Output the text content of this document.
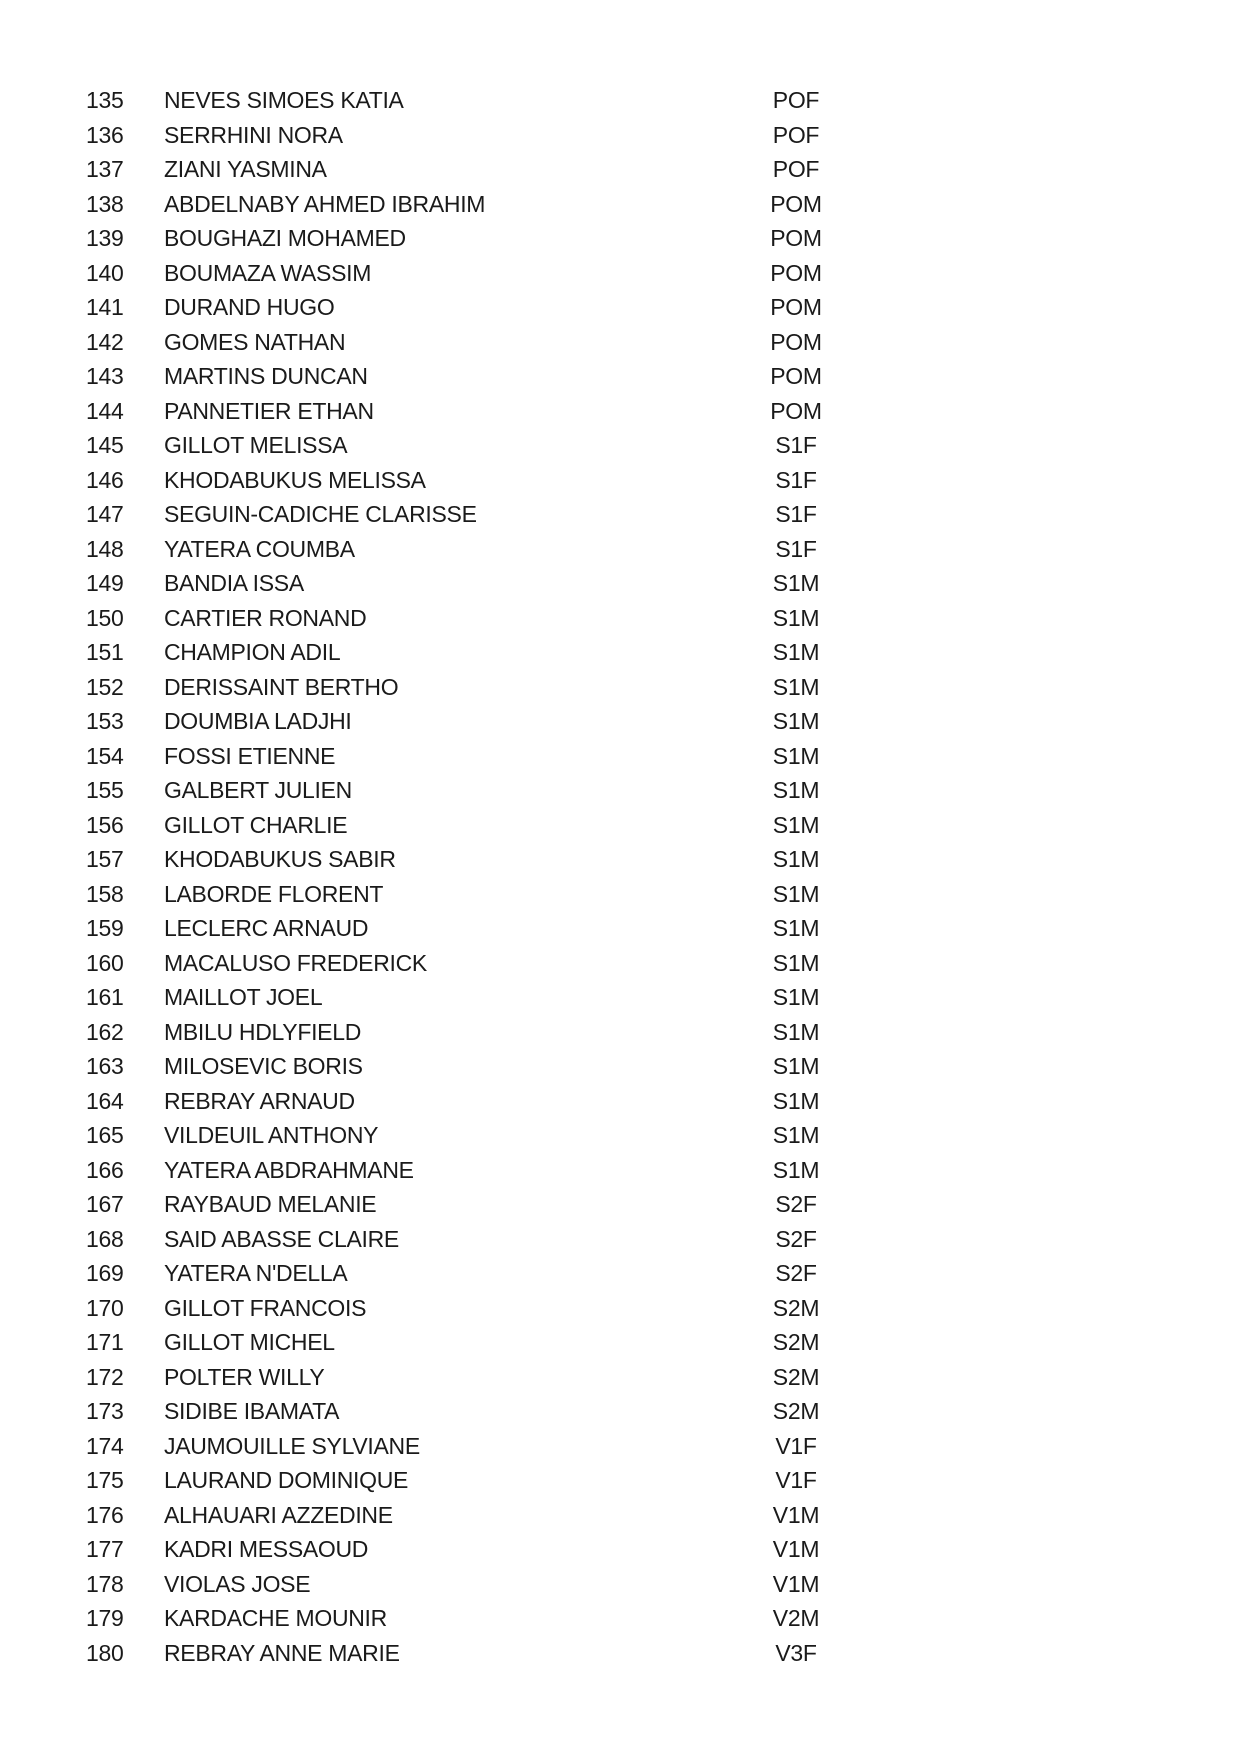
135	NEVES SIMOES KATIA	POF
136	SERRHINI NORA	POF
137	ZIANI YASMINA	POF
138	ABDELNABY AHMED IBRAHIM	POM
139	BOUGHAZI MOHAMED	POM
140	BOUMAZA WASSIM	POM
141	DURAND HUGO	POM
142	GOMES NATHAN	POM
143	MARTINS DUNCAN	POM
144	PANNETIER ETHAN	POM
145	GILLOT MELISSA	S1F
146	KHODABUKUS MELISSA	S1F
147	SEGUIN-CADICHE CLARISSE	S1F
148	YATERA COUMBA	S1F
149	BANDIA ISSA	S1M
150	CARTIER RONAND	S1M
151	CHAMPION ADIL	S1M
152	DERISSAINT BERTHO	S1M
153	DOUMBIA LADJHI	S1M
154	FOSSI ETIENNE	S1M
155	GALBERT JULIEN	S1M
156	GILLOT CHARLIE	S1M
157	KHODABUKUS SABIR	S1M
158	LABORDE FLORENT	S1M
159	LECLERC ARNAUD	S1M
160	MACALUSO FREDERICK	S1M
161	MAILLOT JOEL	S1M
162	MBILU HDLYFIELD	S1M
163	MILOSEVIC BORIS	S1M
164	REBRAY ARNAUD	S1M
165	VILDEUIL ANTHONY	S1M
166	YATERA ABDRAHMANE	S1M
167	RAYBAUD MELANIE	S2F
168	SAID ABASSE CLAIRE	S2F
169	YATERA N'DELLA	S2F
170	GILLOT FRANCOIS	S2M
171	GILLOT MICHEL	S2M
172	POLTER WILLY	S2M
173	SIDIBE IBAMATA	S2M
174	JAUMOUILLE SYLVIANE	V1F
175	LAURAND DOMINIQUE	V1F
176	ALHAUARI AZZEDINE	V1M
177	KADRI MESSAOUD	V1M
178	VIOLAS JOSE	V1M
179	KARDACHE MOUNIR	V2M
180	REBRAY ANNE MARIE	V3F
